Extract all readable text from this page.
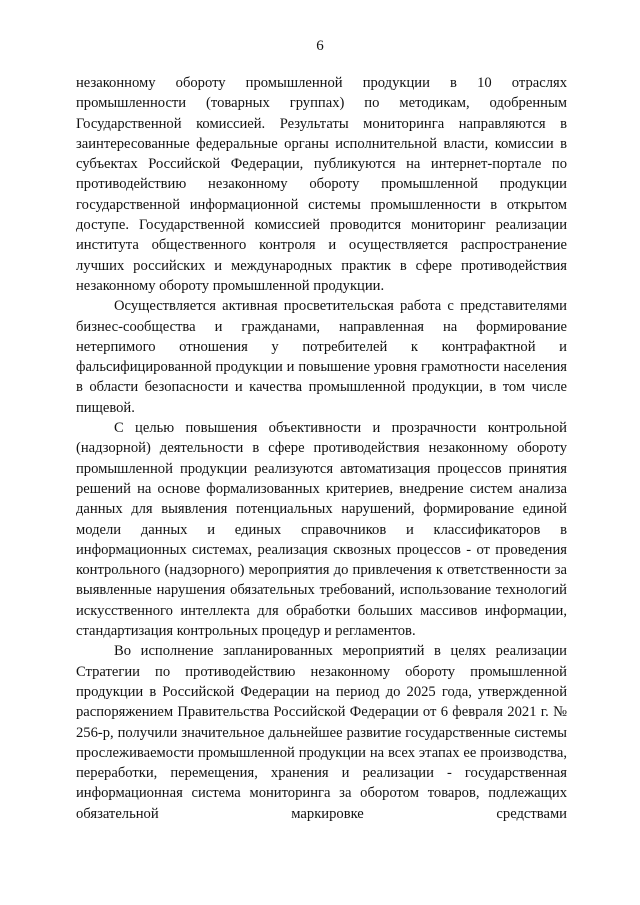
6

незаконному обороту промышленной продукции в 10 отраслях промышленности (товарных группах) по методикам, одобренным Государственной комиссией. Результаты мониторинга направляются в заинтересованные федеральные органы исполнительной власти, комиссии в субъектах Российской Федерации, публикуются на интернет-портале по противодействию незаконному обороту промышленной продукции государственной информационной системы промышленности в открытом доступе. Государственной комиссией проводится мониторинг реализации института общественного контроля и осуществляется распространение лучших российских и международных практик в сфере противодействия незаконному обороту промышленной продукции.

Осуществляется активная просветительская работа с представителями бизнес-сообщества и гражданами, направленная на формирование нетерпимого отношения у потребителей к контрафактной и фальсифицированной продукции и повышение уровня грамотности населения в области безопасности и качества промышленной продукции, в том числе пищевой.

С целью повышения объективности и прозрачности контрольной (надзорной) деятельности в сфере противодействия незаконному обороту промышленной продукции реализуются автоматизация процессов принятия решений на основе формализованных критериев, внедрение систем анализа данных для выявления потенциальных нарушений, формирование единой модели данных и единых справочников и классификаторов в информационных системах, реализация сквозных процессов - от проведения контрольного (надзорного) мероприятия до привлечения к ответственности за выявленные нарушения обязательных требований, использование технологий искусственного интеллекта для обработки больших массивов информации, стандартизация контрольных процедур и регламентов.

Во исполнение запланированных мероприятий в целях реализации Стратегии по противодействию незаконному обороту промышленной продукции в Российской Федерации на период до 2025 года, утвержденной распоряжением Правительства Российской Федерации от 6 февраля 2021 г. № 256-р, получили значительное дальнейшее развитие государственные системы прослеживаемости промышленной продукции на всех этапах ее производства, переработки, перемещения, хранения и реализации - государственная информационная система мониторинга за оборотом товаров, подлежащих обязательной маркировке средствами
